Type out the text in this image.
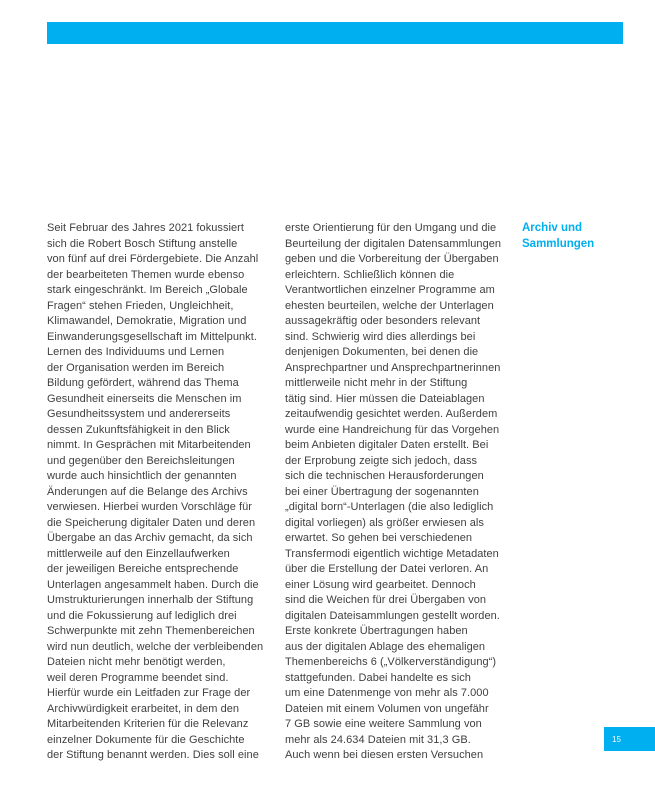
Seit Februar des Jahres 2021 fokussiert
sich die Robert Bosch Stiftung anstelle
von fünf auf drei Fördergebiete. Die Anzahl
der bearbeiteten Themen wurde ebenso
stark eingeschränkt. Im Bereich „Globale
Fragen“ stehen Frieden, Ungleichheit,
Klimawandel, Demokratie, Migration und
Einwanderungsgesellschaft im Mittelpunkt.
Lernen des Individuums und Lernen
der Organisation werden im Bereich
Bildung gefördert, während das Thema
Gesundheit einerseits die Menschen im
Gesundheitssystem und andererseits
dessen Zukunftsfähigkeit in den Blick
nimmt. In Gesprächen mit Mitarbeitenden
und gegenüber den Bereichsleitungen
wurde auch hinsichtlich der genannten
Änderungen auf die Belange des Archivs
verwiesen. Hierbei wurden Vorschläge für
die Speicherung digitaler Daten und deren
Übergabe an das Archiv gemacht, da sich
mittlerweile auf den Einzellaufwerken
der jeweiligen Bereiche entsprechende
Unterlagen angesammelt haben. Durch die
Umstrukturierungen innerhalb der Stiftung
und die Fokussierung auf lediglich drei
Schwerpunkte mit zehn Themenbereichen
wird nun deutlich, welche der verbleibenden
Dateien nicht mehr benötigt werden,
weil deren Programme beendet sind.
Hierfür wurde ein Leitfaden zur Frage der
Archivwürdigkeit erarbeitet, in dem den
Mitarbeitenden Kriterien für die Relevanz
einzelner Dokumente für die Geschichte
der Stiftung benannt werden. Dies soll eine
erste Orientierung für den Umgang und die
Beurteilung der digitalen Datensammlungen
geben und die Vorbereitung der Übergaben
erleichtern. Schließlich können die
Verantwortlichen einzelner Programme am
ehesten beurteilen, welche der Unterlagen
aussagekräftig oder besonders relevant
sind. Schwierig wird dies allerdings bei
denjenigen Dokumenten, bei denen die
Ansprechpartner und Ansprechpartnerinnen
mittlerweile nicht mehr in der Stiftung
tätig sind. Hier müssen die Dateiablagen
zeitaufwendig gesichtet werden. Außerdem
wurde eine Handreichung für das Vorgehen
beim Anbieten digitaler Daten erstellt. Bei
der Erprobung zeigte sich jedoch, dass
sich die technischen Herausforderungen
bei einer Übertragung der sogenannten
„digital born“-Unterlagen (die also lediglich
digital vorliegen) als größer erwiesen als
erwartet. So gehen bei verschiedenen
Transfermodi eigentlich wichtige Metadaten
über die Erstellung der Datei verloren. An
einer Lösung wird gearbeitet. Dennoch
sind die Weichen für drei Übergaben von
digitalen Dateisammlungen gestellt worden.
Erste konkrete Übertragungen haben
aus der digitalen Ablage des ehemaligen
Themenbereichs 6 („Völkerverständigung“)
stattgefunden. Dabei handelte es sich
um eine Datenmenge von mehr als 7.000
Dateien mit einem Volumen von ungefähr
7 GB sowie eine weitere Sammlung von
mehr als 24.634 Dateien mit 31,3 GB.
Auch wenn bei diesen ersten Versuchen
Archiv und
Sammlungen
15
